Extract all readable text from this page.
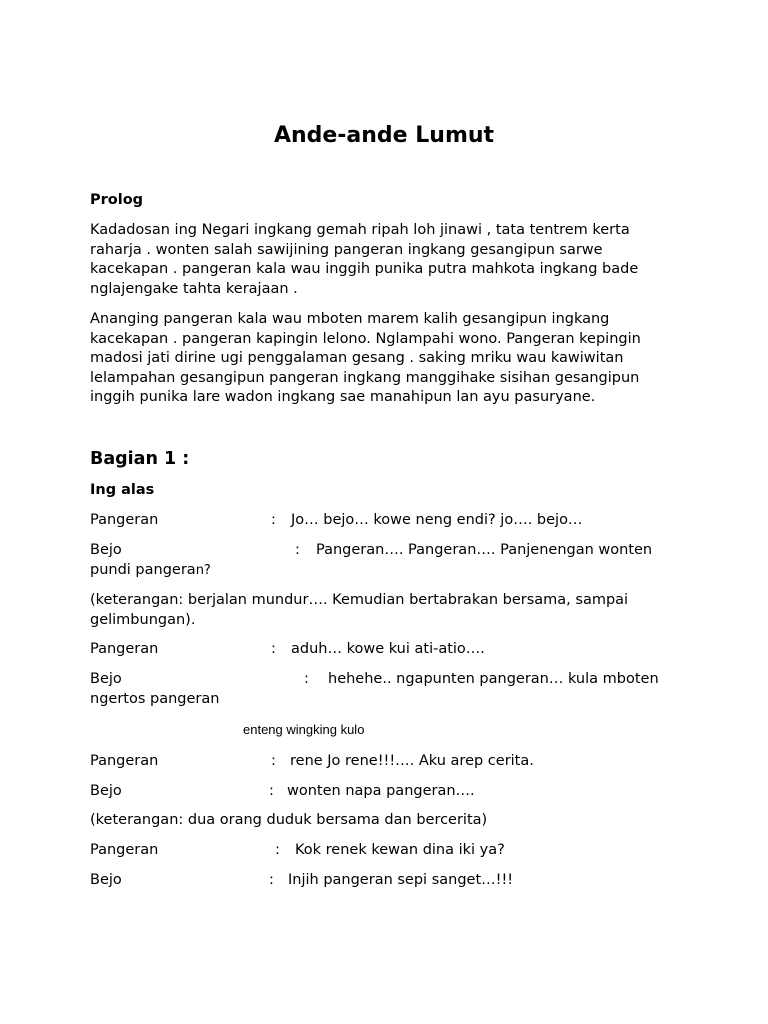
Ande-ande Lumut
Prolog
Kadadosan ing Negari ingkang gemah ripah loh jinawi , tata tentrem kerta
raharja . wonten salah sawijining pangeran ingkang gesangipun sarwe
kacekapan . pangeran kala wau inggih punika putra mahkota ingkang bade
nglajengake tahta kerajaan .
Ananging pangeran kala wau mboten marem kalih gesangipun ingkang
kacekapan . pangeran kapingin lelono. Nglampahi wono. Pangeran kepingin
madosi jati dirine ugi penggalaman gesang . saking mriku wau kawiwitan
lelampahan gesangipun pangeran ingkang manggihake sisihan gesangipun
inggih punika lare wadon ingkang sae manahipun lan ayu pasuryane.
Bagian 1 :
Ing alas
Pangeran	: Jo… bejo… kowe neng endi? jo…. bejo…
Bejo	: Pangeran…. Pangeran…. Panjenengan wonten
pundi pangeran?
(keterangan: berjalan mundur…. Kemudian bertabrakan bersama, sampai
gelimbungan).
Pangeran	: aduh… kowe kui ati-atio….
Bejo	: hehehe.. ngapunten pangeran… kula mboten
ngertos pangeran
enteng wingking kulo
Pangeran	: rene Jo rene!!!…. Aku arep cerita.
Bejo	: wonten napa pangeran….
(keterangan: dua orang duduk bersama dan bercerita)
Pangeran	: Kok renek kewan dina iki ya?
Bejo	: Injih pangeran sepi sanget…!!!
